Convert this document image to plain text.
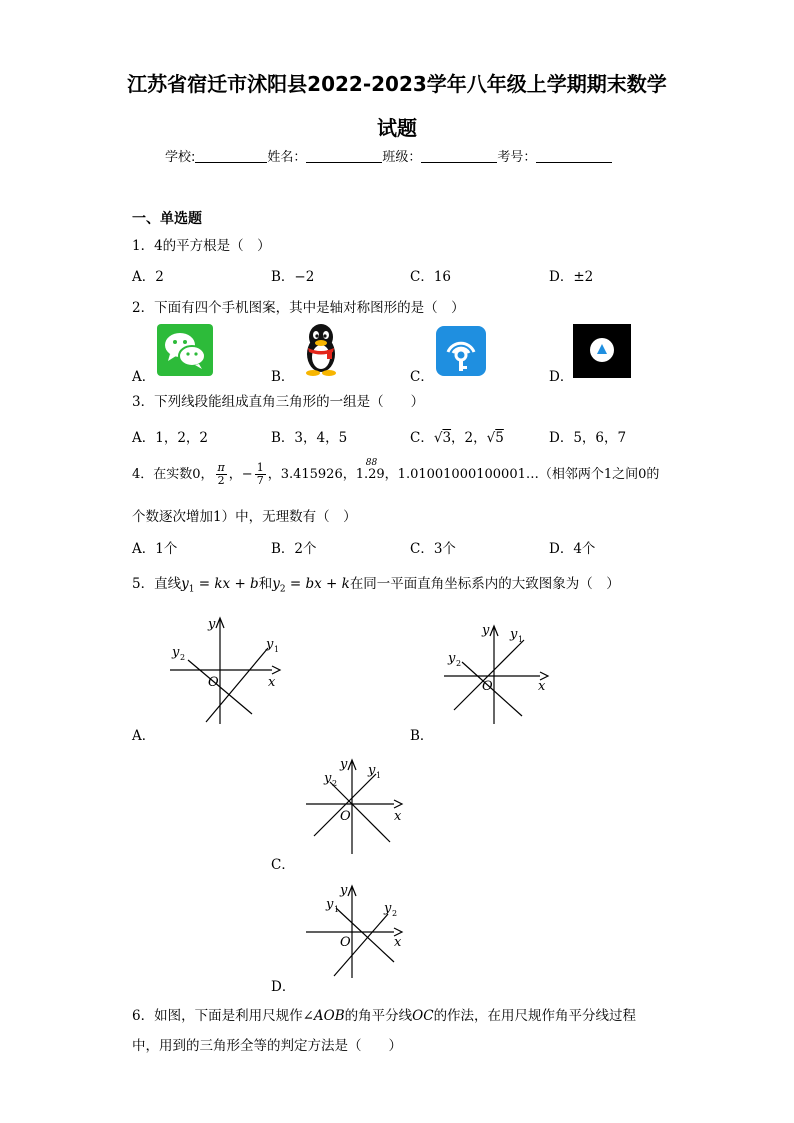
江苏省宿迁市沭阳县2022-2023学年八年级上学期期末数学
试题
学校:	姓名：	班级：	考号：
一、单选题
1．4的平方根是（　）
A．2	B．−2	C．16	D．±2
2．下面有四个手机图案，其中是轴对称图形的是（　）
A．	B．	C．	D．
3．下列线段能组成直角三角形的一组是（　　）
A．1，2，2	B．3，4，5	C．√3，2，√5	D．5，6，7
4．在实数0， $\frac{\pi}{2}$ ，− $\frac{1}{7}$ ，3.415926，
88
1.29，1.01001000100001…（相邻两个1之间0的
个数逐次增加1）中，无理数有（　）
A．1个	B．2个	C．3个	D．4个
5．直线$y_1$ = kx + b和$y_2$ = bx + k在同一平面直角坐标系内的大致图象为（　）
y
x
O
y 1
y 2
A．
y
x
O
y 1
y 2
B．
y
x
O
y 1
y 2
C．
y
x
O
y 1	y 2
D．
6．如图，下面是利用尺规作∠AOB的角平分线OC的作法，在用尺规作角平分线过程
中，用到的三角形全等的判定方法是（　　）
